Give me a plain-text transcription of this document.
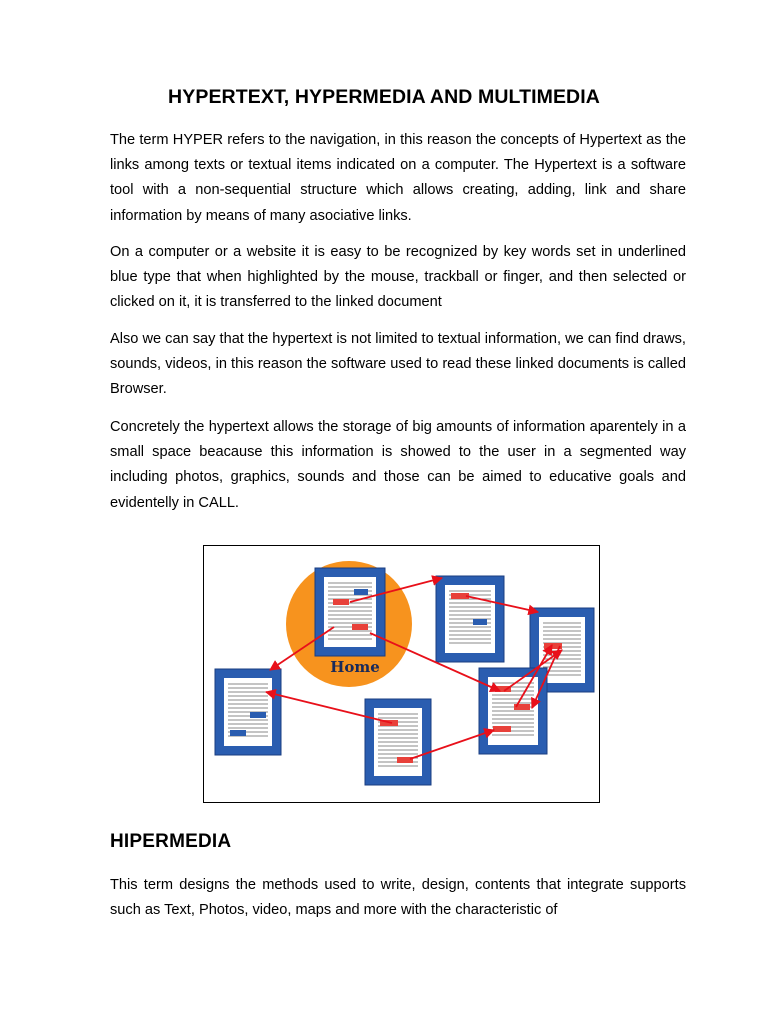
HYPERTEXT, HYPERMEDIA AND MULTIMEDIA

The term HYPER refers to the navigation, in this reason the concepts of Hypertext as the links among texts or textual items indicated on a computer. The Hypertext is a software tool with a non-sequential structure which allows creating, adding, link and share information by means of many asociative links.

On a computer or a website it is easy to be recognized by key words set in underlined blue type that when highlighted by the mouse, trackball or finger, and then selected or clicked on it, it is transferred to the linked document

Also we can say that the hypertext is not limited to textual information, we can find draws, sounds, videos, in this reason the software used to read these linked documents is called Browser.

Concretely the hypertext allows the storage of big amounts of information aparentely in a small space beacause this information is showed to the user in a segmented way including photos, graphics, sounds and those can be aimed to educative goals and evidentelly in CALL.

Home
HIPERMEDIA

This term designs the methods used to write, design, contents that integrate supports such as Text, Photos, video, maps and more with the characteristic of
